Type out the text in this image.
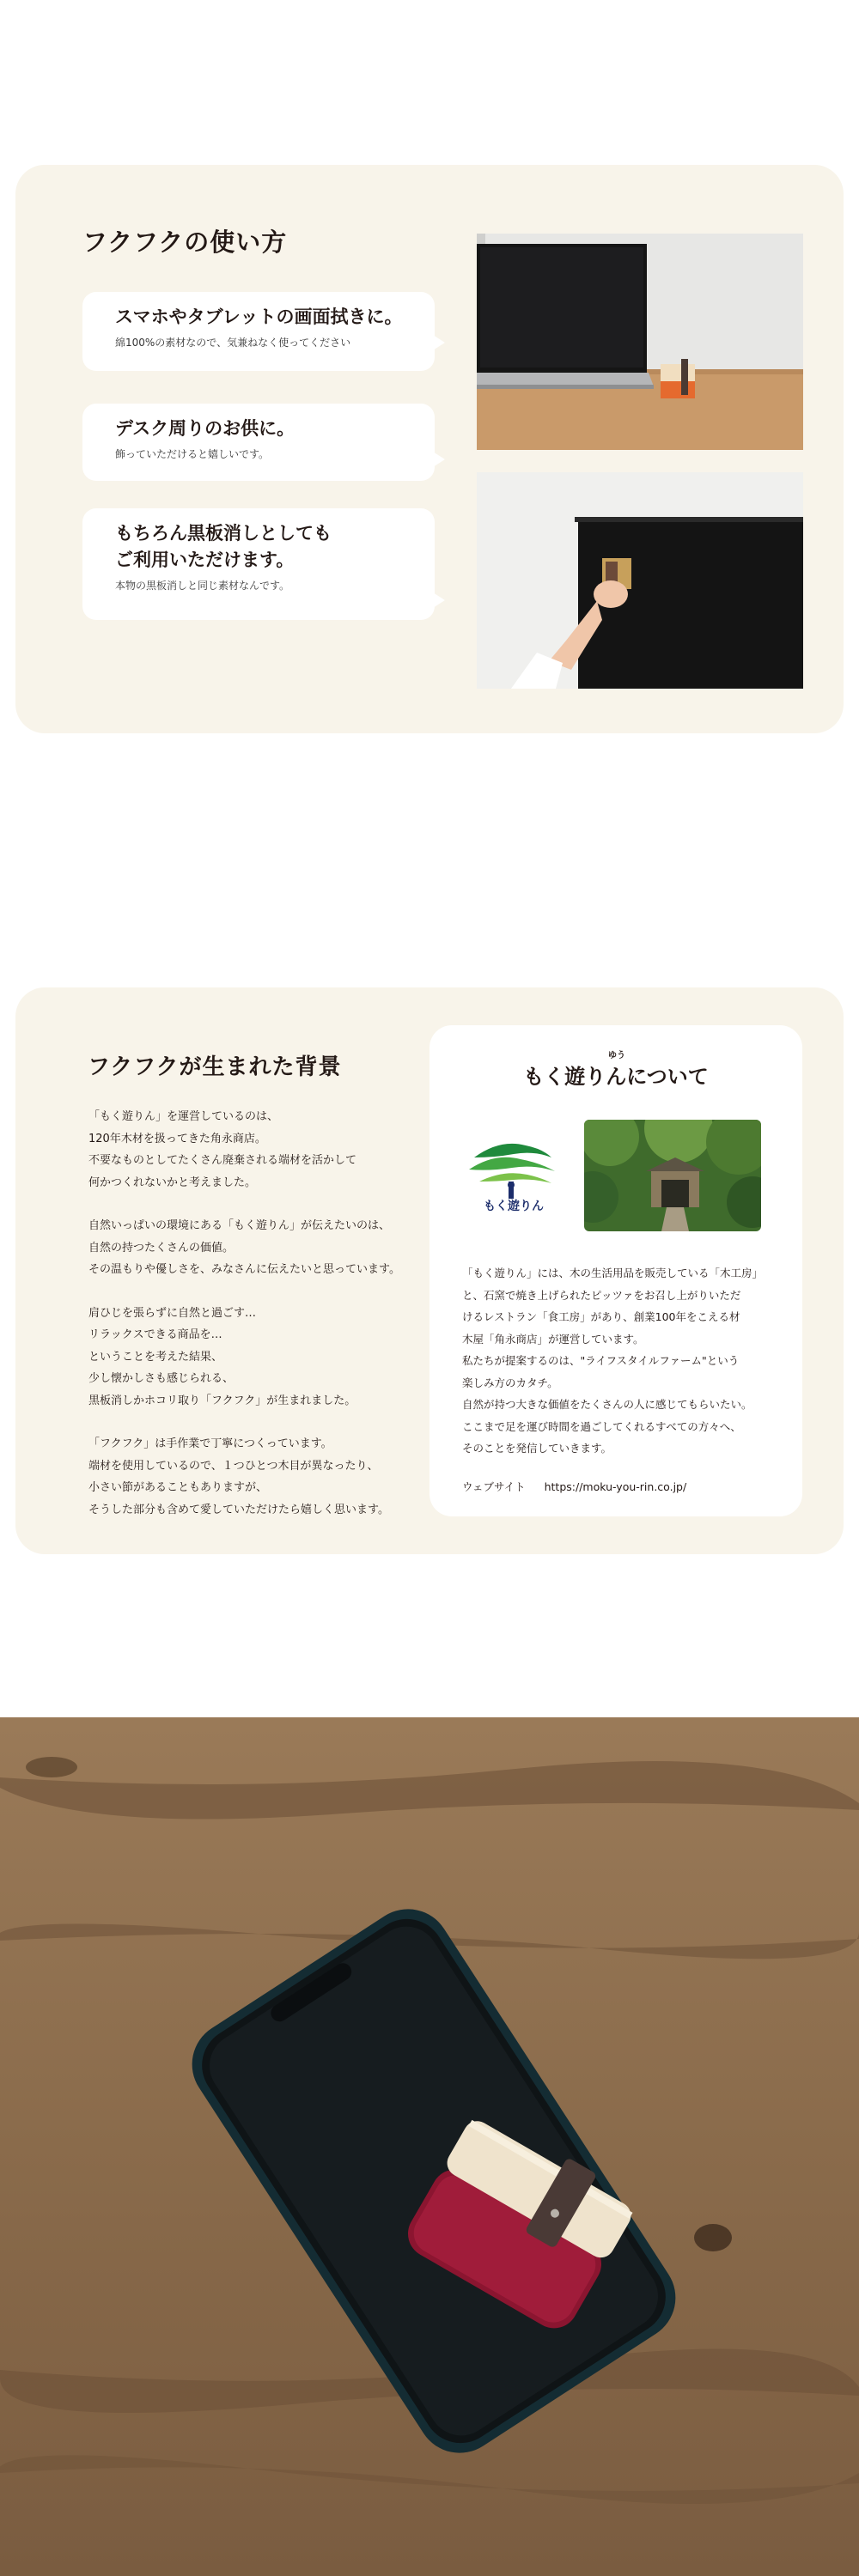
フクフクの使い方
スマホやタブレットの画面拭きに。
綿100%の素材なので、気兼ねなく使ってください
デスク周りのお供に。
飾っていただけると嬉しいです。
もちろん黒板消しとしても
ご利用いただけます。
本物の黒板消しと同じ素材なんです。
フクフクが生まれた背景
「もく遊りん」を運営しているのは、
120年木材を扱ってきた角永商店。
不要なものとしてたくさん廃棄される端材を活かして
何かつくれないかと考えました。
自然いっぱいの環境にある「もく遊りん」が伝えたいのは、
自然の持つたくさんの価値。
その温もりや優しさを、みなさんに伝えたいと思っています。
肩ひじを張らずに自然と過ごす…
リラックスできる商品を…
ということを考えた結果、
少し懐かしさも感じられる、
黒板消しかホコリ取り「フクフク」が生まれました。
「フクフク」は手作業で丁寧につくっています。
端材を使用しているので、１つひとつ木目が異なったり、
小さい節があることもありますが、
そうした部分も含めて愛していただけたら嬉しく思います。
ゆう
もく遊りんについて
もく遊りん
「もく遊りん」には、木の生活用品を販売している「木工房」
と、石窯で焼き上げられたピッツァをお召し上がりいただ
けるレストラン「食工房」があり、創業100年をこえる材
木屋「角永商店」が運営しています。
私たちが提案するのは、"ライフスタイルファーム"という
楽しみ方のカタチ。
自然が持つ大きな価値をたくさんの人に感じてもらいたい。
ここまで足を運び時間を過ごしてくれるすべての方々へ、
そのことを発信していきます。
ウェブサイト https://moku-you-rin.co.jp/
